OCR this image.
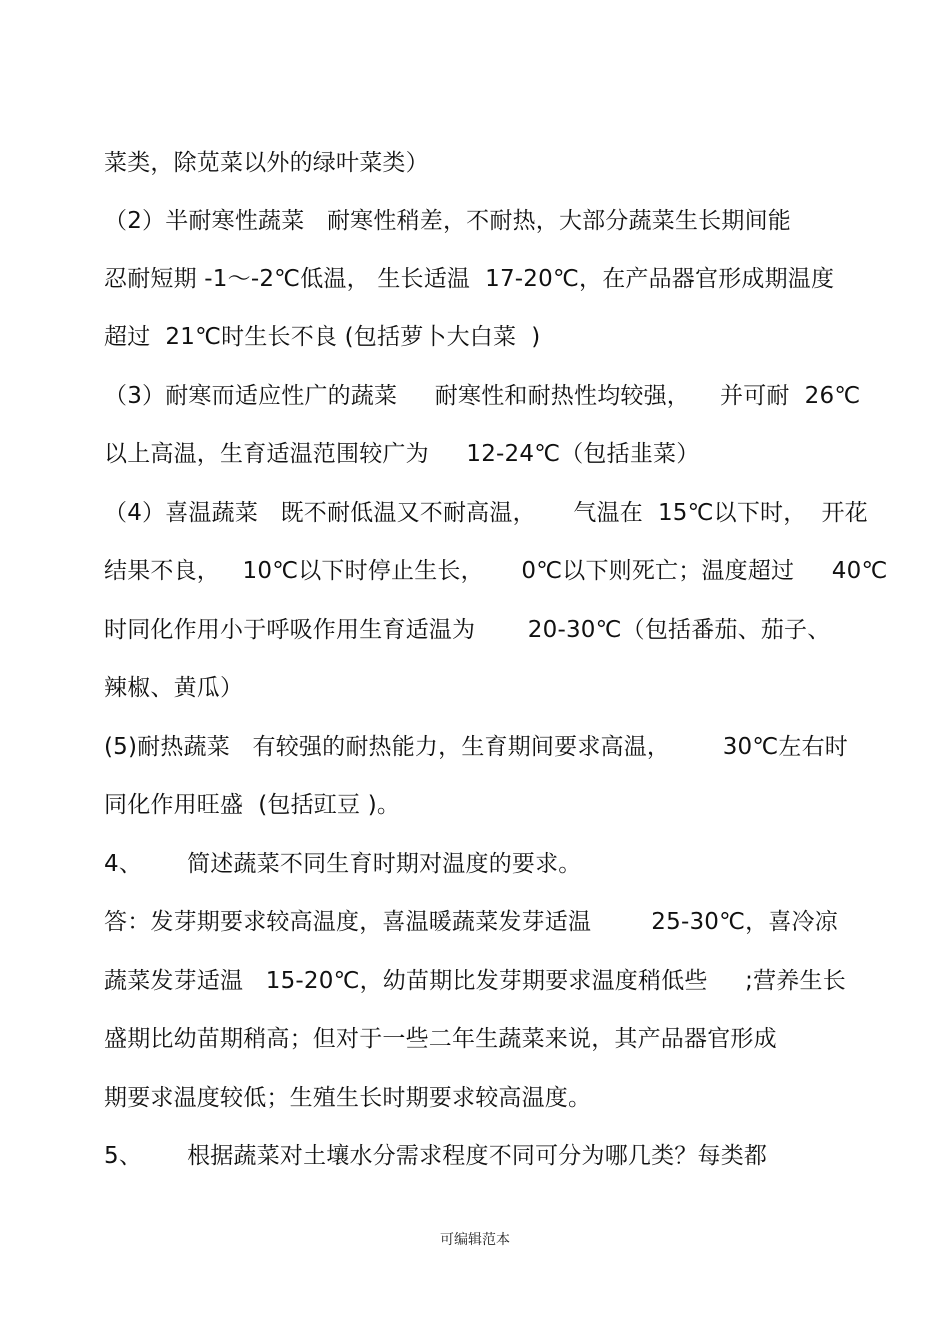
菜类，除苋菜以外的绿叶菜类）
（2）半耐寒性蔬菜   耐寒性稍差，不耐热，大部分蔬菜生长期间能
忍耐短期 -1～-2℃低温， 生长适温  17-20℃，在产品器官形成期温度
超过  21℃时生长不良 (包括萝卜大白菜  )
（3）耐寒而适应性广的蔬菜     耐寒性和耐热性均较强，    并可耐  26℃
以上高温，生育适温范围较广为     12-24℃（包括韭菜）
（4）喜温蔬菜   既不耐低温又不耐高温，     气温在  15℃以下时，  开花
结果不良，   10℃以下时停止生长，     0℃以下则死亡；温度超过     40℃
时同化作用小于呼吸作用生育适温为       20-30℃（包括番茄、茄子、
辣椒、黄瓜）
(5)耐热蔬菜   有较强的耐热能力，生育期间要求高温，       30℃左右时
同化作用旺盛  (包括豇豆 )。
4、      简述蔬菜不同生育时期对温度的要求。
答：发芽期要求较高温度，喜温暖蔬菜发芽适温        25-30℃，喜冷凉
蔬菜发芽适温   15-20℃，幼苗期比发芽期要求温度稍低些     ;营养生长
盛期比幼苗期稍高；但对于一些二年生蔬菜来说，其产品器官形成
期要求温度较低；生殖生长时期要求较高温度。
5、      根据蔬菜对土壤水分需求程度不同可分为哪几类？每类都
可编辑范本
